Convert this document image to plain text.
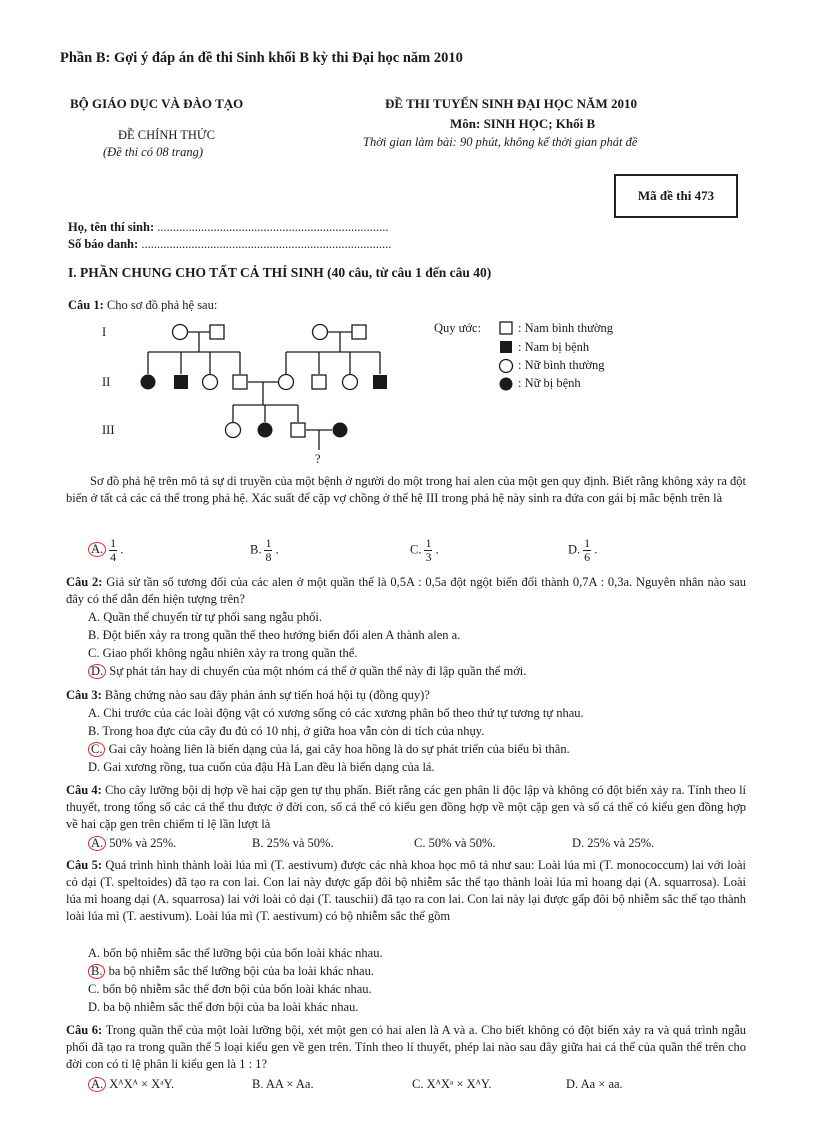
Phần B: Gợi ý đáp án đề thi Sinh khối B kỳ thi Đại học năm 2010
BỘ GIÁO DỤC VÀ ĐÀO TẠO
ĐỀ CHÍNH THỨC
(Đề thi có 08 trang)
ĐỀ THI TUYỂN SINH ĐẠI HỌC NĂM 2010
Môn: SINH HỌC; Khối B
Thời gian làm bài: 90 phút, không kể thời gian phát đề
Mã đề thi 473
Họ, tên thí sinh: ..........................................................................
Số báo danh: ................................................................................
I. PHẦN CHUNG CHO TẤT CẢ THÍ SINH (40 câu, từ câu 1 đến câu 40)
Câu 1: Cho sơ đồ phả hệ sau:
I
II
III
?
Quy ước:	: Nam bình thường
: Nam bị bệnh
: Nữ bình thường
: Nữ bị bệnh
Sơ đồ phả hệ trên mô tả sự di truyền của một bệnh ở người do một trong hai alen của một gen quy định. Biết rằng không xảy ra đột biến ở tất cả các cá thể trong phả hệ. Xác suất để cặp vợ chồng ở thế hệ III trong phả hệ này sinh ra đứa con gái bị mắc bệnh trên là
A. $\frac{1}{4}$ .	B. $\frac{1}{8}$ .	C. $\frac{1}{3}$ .	D. $\frac{1}{6}$ .
Câu 2: Giả sử tần số tương đối của các alen ở một quần thể là 0,5A : 0,5a đột ngột biến đổi thành 0,7A : 0,3a. Nguyên nhân nào sau đây có thể dẫn đến hiện tượng trên?
A. Quần thể chuyển từ tự phối sang ngẫu phối.
B. Đột biến xảy ra trong quần thể theo hướng biến đổi alen A thành alen a.
C. Giao phối không ngẫu nhiên xảy ra trong quần thể.
D. Sự phát tán hay di chuyển của một nhóm cá thể ở quần thể này đi lập quần thể mới.
Câu 3: Bằng chứng nào sau đây phản ánh sự tiến hoá hội tụ (đồng quy)?
A. Chi trước của các loài động vật có xương sống có các xương phân bố theo thứ tự tương tự nhau.
B. Trong hoa đực của cây đu đủ có 10 nhị, ở giữa hoa vẫn còn di tích của nhụy.
C. Gai cây hoàng liên là biến dạng của lá, gai cây hoa hồng là do sự phát triển của biểu bì thân.
D. Gai xương rồng, tua cuốn của đậu Hà Lan đều là biến dạng của lá.
Câu 4: Cho cây lưỡng bội dị hợp về hai cặp gen tự thụ phấn. Biết rằng các gen phân li độc lập và không có đột biến xảy ra. Tính theo lí thuyết, trong tổng số các cá thể thu được ở đời con, số cá thể có kiểu gen đồng hợp về một cặp gen và số cá thể có kiểu gen đồng hợp về hai cặp gen trên chiếm tỉ lệ lần lượt là
A. 50% và 25%.	B. 25% và 50%.	C. 50% và 50%.	D. 25% và 25%.
Câu 5: Quá trình hình thành loài lúa mì (T. aestivum) được các nhà khoa học mô tả như sau: Loài lúa mì (T. monococcum) lai với loài cỏ dại (T. speltoides) đã tạo ra con lai. Con lai này được gấp đôi bộ nhiễm sắc thể tạo thành loài lúa mì hoang dại (A. squarrosa). Loài lúa mì hoang dại (A. squarrosa) lai với loài cỏ dại (T. tauschii) đã tạo ra con lai. Con lai này lại được gấp đôi bộ nhiễm sắc thể tạo thành loài lúa mì (T. aestivum). Loài lúa mì (T. aestivum) có bộ nhiễm sắc thể gồm
A. bốn bộ nhiễm sắc thể lưỡng bội của bốn loài khác nhau.
B. ba bộ nhiễm sắc thể lưỡng bội của ba loài khác nhau.
C. bốn bộ nhiễm sắc thể đơn bội của bốn loài khác nhau.
D. ba bộ nhiễm sắc thể đơn bội của ba loài khác nhau.
Câu 6: Trong quần thể của một loài lưỡng bội, xét một gen có hai alen là A và a. Cho biết không có đột biến xảy ra và quá trình ngẫu phối đã tạo ra trong quần thể 5 loại kiểu gen về gen trên. Tính theo lí thuyết, phép lai nào sau đây giữa hai cá thể của quần thể trên cho đời con có tỉ lệ phân li kiểu gen là 1 : 1?
A. XᴬXᴬ × XᵃY.	B. AA × Aa.	C. XᴬXᵃ × XᴬY.	D. Aa × aa.
